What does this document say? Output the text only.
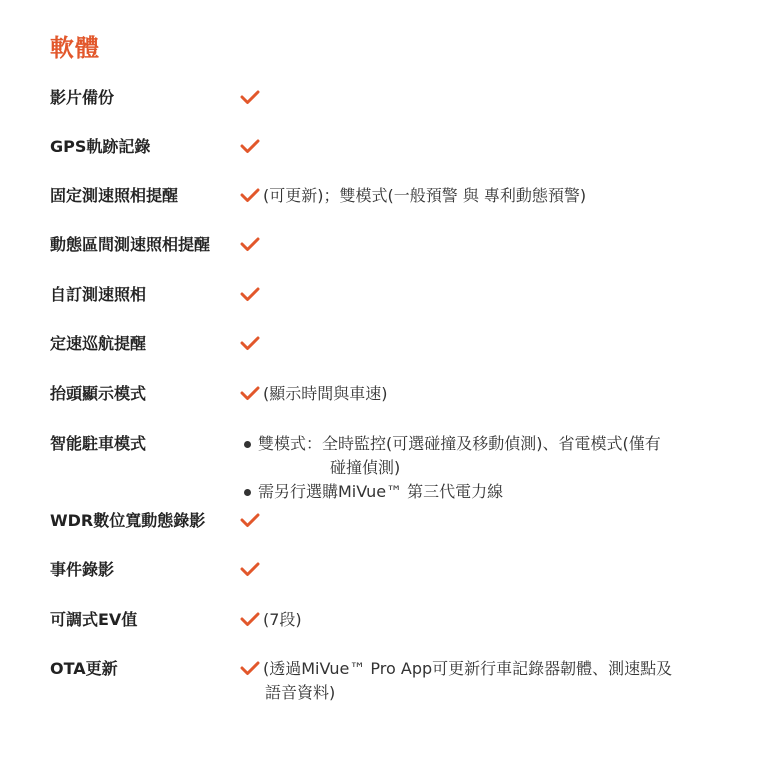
軟體
影片備份
GPS軌跡記錄
固定測速照相提醒	(可更新)；雙模式(一般預警 與 專利動態預警)
動態區間測速照相提醒
自訂測速照相
定速巡航提醒
抬頭顯示模式	(顯示時間與車速)
智能駐車模式	雙模式：全時監控(可選碰撞及移動偵測)、省電模式(僅有
碰撞偵測)
需另行選購MiVue™ 第三代電力線
WDR數位寬動態錄影
事件錄影
可調式EV值	(7段)
OTA更新	(透過MiVue™ Pro App可更新行車記錄器韌體、測速點及
語音資料)
